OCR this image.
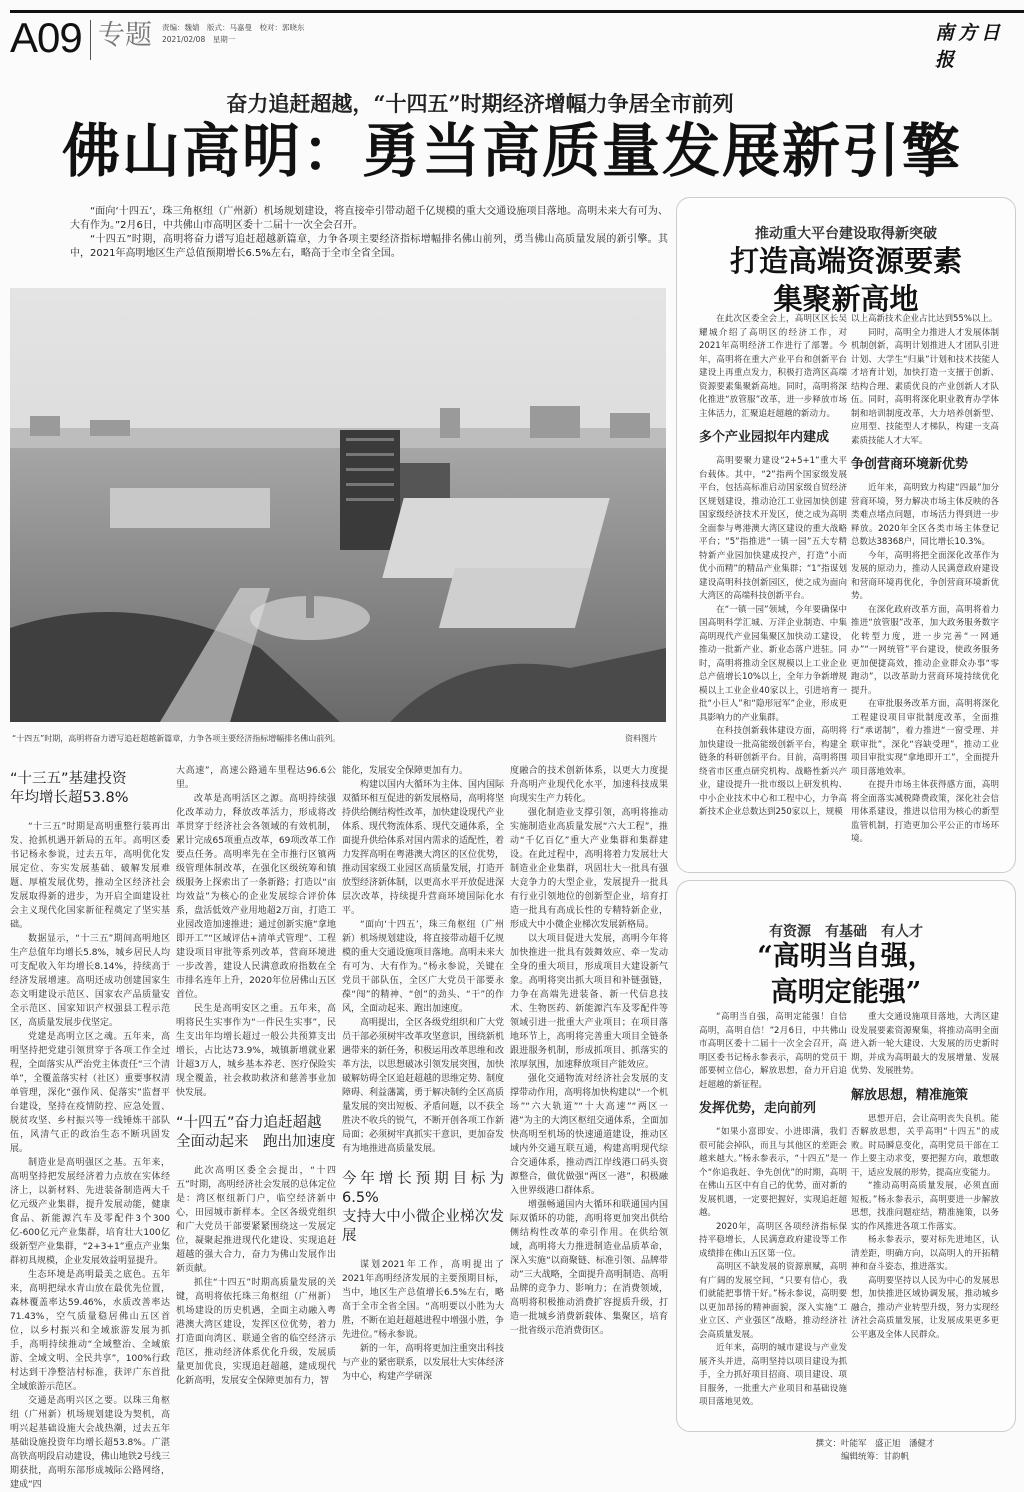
A09 专题 责编：魏婧　版式：马嘉曼　校对：郭晓东
2021/02/08　星期一	南方日报
奋力追赶超越，“十四五”时期经济增幅力争居全市前列
佛山高明：勇当高质量发展新引擎

“面向‘十四五’，珠三角枢纽（广州新）机场规划建设，将直接牵引带动超千亿规模的重大交通设施项目落地。高明未来大有可为、大有作为。”2月6日，中共佛山市高明区委十二届十一次全会召开。

“十四五”时期，高明将奋力谱写追赶超越新篇章，力争各项主要经济指标增幅排名佛山前列，勇当佛山高质量发展的新引擎。其中，2021年高明地区生产总值预期增长6.5%左右，略高于全市全省全国。

“十四五”时期，高明将奋力谱写追赶超越新篇章，力争各项主要经济指标增幅排名佛山前列。	资料图片
“十三五”基建投资
年均增长超53.8%

“十三五”时期是高明重整行装再出发、抢抓机遇开新局的五年。高明区委书记杨永参说，过去五年，高明优化发展定位、夯实发展基础、破解发展难题、厚植发展优势，推动全区经济社会发展取得新的进步，为开启全面建设社会主义现代化国家新征程奠定了坚实基础。

数据显示，“十三五”期间高明地区生产总值年均增长5.8%，城乡居民人均可支配收入年均增长8.14%，持续高于经济发展增速。高明还成功创建国家生态文明建设示范区、国家农产品质量安全示范区、国家知识产权强县工程示范区，高质量发展步伐坚定。

党建是高明立区之魂。五年来，高明坚持把党建引领贯穿于各项工作全过程，全面落实从严治党主体责任“三个清单”，全覆盖落实村（社区）重要事权清单管理，深化“强作风、促落实”监督平台建设，坚持在疫情防控、应急处置、脱贫攻坚、乡村振兴等一线锤炼干部队伍，风清气正的政治生态不断巩固发展。

制造业是高明强区之基。五年来，高明坚持把发展经济着力点放在实体经济上，以新材料、先进装备制造两大千亿元级产业集群，提升发展动能，健康食品、新能源汽车及零配件3个300亿-600亿元产业集群，培育壮大100亿级新型产业集群，“2+3+1”重点产业集群初具规模，企业发展效益明显提升。

生态环境是高明最美之底色。五年来，高明把绿水青山放在最优先位置，森林覆盖率达59.46%，水质改善率达71.43%，空气质量稳居佛山五区首位，以乡村振兴和全域旅游发展为抓手，高明持续推动“全域整治、全域旅游、全域文明、全民共享”，100%行政村达到干净整洁村标准，获评广东首批全域旅游示范区。

交通是高明兴区之要。以珠三角枢纽（广州新）机场规划建设为契机，高明兴起基础设施大会战热潮，过去五年基础设施投资年均增长超53.8%。广湛高铁高明段启动建设，佛山地铁2号线三期获批，高明东部形成城际公路网络，建成“四

大高速”，高速公路通车里程达96.6公里。

改革是高明活区之源。高明持续强化改革动力，释放改革活力，形成将改革贯穿于经济社会各领域的有效机制，累计完成65项重点改革，69项改革工作要点任务。高明率先在全市推行区镇两级管理体制改革，在强化区级统筹和镇级服务上探索出了一条新路；打造以“亩均效益”为核心的企业发展综合评价体系，盘活低效产业用地超2万亩，打造工业园改造加速推进；通过创新实施“拿地即开工”“区域评估+清单式管理”、工程建设项目审批等系列改革，营商环境进一步改善，建设人民满意政府指数在全市排名连年上升，2020年位居佛山五区首位。

民生是高明安区之重。五年来，高明将民生实事作为“一件民生实事”，民生支出年均增长超过一般公共预算支出增长，占比达73.9%，城镇新增就业累计超3万人，城乡基本养老、医疗保险实现全覆盖，社会救助救济和慈善事业加快发展。

“十四五”奋力追赶超越
全面动起来　跑出加速度

此次高明区委全会提出，“十四五”时期，高明经济社会发展的总体定位是：湾区枢纽新门户，临空经济新中心，田园城市新样本。全区各级党组织和广大党员干部要紧紧围绕这一发展定位，凝聚起推进现代化建设、实现追赶超越的强大合力，奋力为佛山发展作出新贡献。

抓住“十四五”时期高质量发展的关键，高明将依托珠三角枢纽（广州新）机场建设的历史机遇，全面主动融入粤港澳大湾区建设，发挥区位优势，着力打造面向湾区、联通全省的临空经济示范区，推动经济体系优化升级，发展质量更加优良，实现追赶超越，建成现代化新高明，发展安全保障更加有力，智

能化，发展安全保障更加有力。

构建以国内大循环为主体、国内国际双循环相互促进的新发展格局，高明将坚持供给侧结构性改革，加快建设现代产业体系、现代物流体系、现代交通体系，全面提升供给体系对国内需求的适配性，着力发挥高明在粤港澳大湾区的区位优势，推动国家级工业园区高质量发展，打造开放型经济新体制，以更高水平开放促进深层次改革，持续提升营商环境国际化水平。

“面向‘十四五’，珠三角枢纽（广州新）机场规划建设，将直接带动超千亿规模的重大交通设施项目落地。高明未来大有可为、大有作为。”杨永参说，关键在党员干部队伍，全区广大党员干部要永葆“闯”的精神、“创”的劲头、“干”的作风，全面动起来、跑出加速度。

高明提出，全区各级党组织和广大党员干部必须树牢改革攻坚意识，围绕新机遇带来的新任务，积极运用改革思维和改革方法，以思想破冰引领发展突围，加快破解妨碍全区追赶超越的思维定势、制度障碍、利益藩篱，勇于解决制约全区高质量发展的突出短板、矛盾问题，以不获全胜决不收兵的锐气，不断开创各项工作新局面；必须树牢真抓实干意识，更加奋发有为地推进高质量发展。

今年增长预期目标为6.5%
支持大中小微企业梯次发展

谋划2021年工作，高明提出了2021年高明经济发展的主要预期目标，当中，地区生产总值增长6.5%左右，略高于全市全省全国。“高明要以小胜为大胜，不断在追赶超越进程中增强小胜，争先进位。”杨永参说。

新的一年，高明将更加注重突出科技与产业的紧密联系，以发展壮大实体经济为中心，构建产学研深

度融合的技术创新体系，以更大力度提升高明产业现代化水平，加速科技成果向现实生产力转化。

强化制造业支撑引领，高明将推动实施制造业高质量发展“六大工程”，推动“千亿百亿”重大产业集群和集群建设。在此过程中，高明将着力发展壮大制造业企业集群，巩固壮大一批具有强大竞争力的大型企业，发展提升一批具有行业引领地位的创新型企业，培育打造一批具有高成长性的专精特新企业，形成大中小微企业梯次发展新格局。

以大项目促进大发展，高明今年将加快推进一批具有鼓舞效应、牵一发动全身的重大项目，形成项目大建设新气象。高明将突出抓大项目和补链强链，力争在高端先进装备、新一代信息技术、生物医药、新能源汽车及零配件等领域引进一批重大产业项目；在项目落地环节上，高明将完善重大项目全链条跟进服务机制，形成抓项目、抓落实的浓厚氛围，加速释放项目产能效应。

强化交通物流对经济社会发展的支撑带动作用，高明将加快构建以“一个机场”“六大轨道”“十大高速”“两区一港”为主的大湾区枢纽交通体系，全面加快高明至机场的快速通道建设，推动区域内外交通互联互通，构建高明现代综合交通体系，推动西江岸线港口码头资源整合，做优做强“两区一港”，积极融入世界级港口群体系。

增强畅通国内大循环和联通国内国际双循环的功能，高明将更加突出供给侧结构性改革的牵引作用。在供给领域，高明将大力推进制造业品质革命，深入实施“以商聚链、标准引领、品牌带动”三大战略，全面提升高明制造、高明品牌的竞争力、影响力；在消费领域，高明将积极推动消费扩容提质升级，打造一批城乡消费新载体、集聚区，培育一批省级示范消费街区。

推动重大平台建设取得新突破
打造高端资源要素
集聚新高地

在此次区委全会上，高明区区长吴耀城介绍了高明区的经济工作，对2021年高明经济工作进行了部署。今年，高明将在重大产业平台和创新平台建设上再重点发力，积极打造湾区高端资源要素集聚新高地。同时，高明将深化推进“放管服”改革，进一步释放市场主体活力，汇聚追赶超越的新动力。

多个产业园拟年内建成

高明要聚力建设“2+5+1”重大平台载体。其中，“2”指两个国家级发展平台，包括高标准启动国家级自贸经济区规划建设，推动沧江工业园加快创建国家级经济技术开发区，使之成为高明全面参与粤港澳大湾区建设的重大战略平台；“5”指推进“一镇一园”五大专精特新产业园加快建成投产，打造“小而优小而精”的精品产业集群；“1”指谋划建设高明科技创新园区，使之成为面向大湾区的高端科技创新平台。

在“一镇一园”领域，今年要确保中国高明科学汇城、万洋企业制造、中集高明现代产业园集聚区加快动工建设，推动一批新产业、新业态落户进驻。同时，高明将推动全区规模以上工业企业总产值增长10%以上，全年力争新增规模以上工业企业40家以上，引进培育一批“小巨人”和“隐形冠军”企业，形成更具影响力的产业集群。

在科技创新载体建设方面，高明将加快建设一批高能级创新平台，构建全链条的科研创新平台。目前，高明将围绕省市区重点研究机构、战略性新兴产业，建设提升一批市级以上研发机构、中小企业技术中心和工程中心，力争高新技术企业总数达到250家以上，规模

以上高新技术企业占比达到55%以上。

同时，高明全力推进人才发展体制机制创新，高明计划推进人才团队引进计划、大学生“归巢”计划和技术技能人才培育计划，加快打造一支擅于创新、结构合理、素质优良的产业创新人才队伍。同时，高明将深化职业教育办学体制和培训制度改革，大力培养创新型、应用型、技能型人才梯队，构建一支高素质技能人才大军。

争创营商环境新优势

近年来，高明致力构建“四最”加分营商环境，努力解决市场主体反映的各类难点堵点问题，市场活力得到进一步释放。2020年全区各类市场主体登记总数达38368户，同比增长10.3%。

今年，高明将把全面深化改革作为发展的原动力，推动人民满意政府建设和营商环境再优化，争创营商环境新优势。

在深化政府改革方面，高明将着力推进“放管服”改革，加大政务服务数字化转型力度，进一步完善“一网通办”“一网统管”平台建设，使政务服务更加便捷高效，推动企业群众办事“零跑动”，以改革助力营商环境持续优化提升。

在审批服务改革方面，高明将深化工程建设项目审批制度改革，全面推行“承诺制”，着力推进“一窗受理、并联审批”，深化“容缺受理”，推动工业项目审批实现“拿地即开工”，全面提升项目落地效率。

在提升市场主体获得感方面，高明将全面落实减税降费政策，深化社会信用体系建设，推进以信用为核心的新型监管机制，打造更加公平公正的市场环境。

有资源　有基础　有人才
“高明当自强，
高明定能强”

“高明当自强，高明定能强！自信高明，高明自信！”2月6日，中共佛山市高明区委十二届十一次全会召开，高明区委书记杨永参表示，高明的党员干部要树立信心，解放思想，奋力开启追赶超越的新征程。

发挥优势，走向前列

“如果小富即安、小进即满，我们很可能会掉队，而且与其他区的差距会越来越大。”杨永参表示，“十四五”是一个“你追我赶、争先创优”的时期，高明在佛山五区中有自己的优势，面对新的发展机遇，一定要把握好，实现追赶超越。

2020年，高明区各项经济指标保持平稳增长，人民满意政府建设等工作成绩排在佛山五区第一位。

高明区不缺发展的资源禀赋，高明有广阔的发展空间，“只要有信心，我们就能把事情干好。”杨永参说，高明要以更加昂扬的精神面貌，深入实施“工业立区、产业强区”战略，推动经济社会高质量发展。

近年来，高明的城市建设与产业发展齐头并进，高明坚持以项目建设为抓手，全力抓好项目招商、项目建设、项目服务，一批重大产业项目和基础设施项目落地见效。

重大交通设施项目落地，大湾区建设发展要素资源聚集，将推动高明全面进入新一轮大建设、大发展的历史新时期，并成为高明最大的发展增量、发展优势、发展胜势。

解放思想，精准施策

思想开启，会让高明丧失良机。能否解放思想，关乎高明“十四五”的成败。时局瞬息变化，高明党员干部在工作上要主动求变，要把握方向，敢想敢干，适应发展的形势，提高应变能力。

“推动高明高质量发展，必须直面短板。”杨永参表示，高明要进一步解放思想，找准问题症结，精准施策，以务实的作风推进各项工作落实。

杨永参表示，要对标先进地区，认清差距，明确方向，以高明人的开拓精神和奋斗姿态，推进落实。

高明要坚持以人民为中心的发展思想，加快推进区域协调发展，推动城乡融合，推动产业转型升级，努力实现经济社会高质量发展，让发展成果更多更公平惠及全体人民群众。

撰文：叶能军　盛正旭　潘健才
编辑统筹：甘韵帆
